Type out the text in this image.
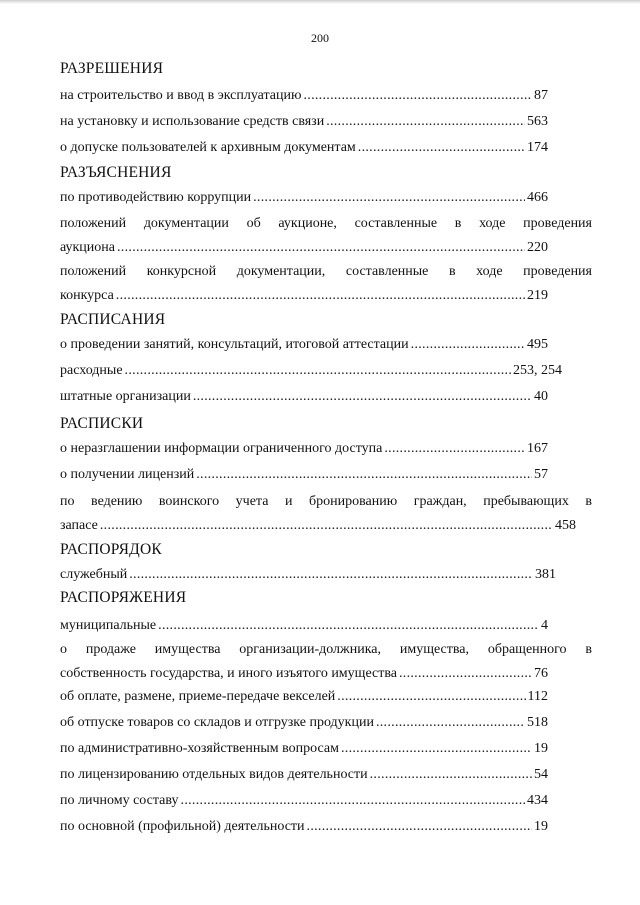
200
РАЗРЕШЕНИЯ
на строительство и ввод в эксплуатацию .....	87
на установку и использование средств связи .....	563
о допуске пользователей к архивным документам .....	174
РАЗЪЯСНЕНИЯ
по противодействию коррупции .....	466
положений документации об аукционе, составленные в ходе проведения
аукциона .....	220
положений конкурсной документации, составленные в ходе проведения
конкурса .....	219
РАСПИСАНИЯ
о проведении занятий, консультаций, итоговой аттестации .....	495
расходные .....	253, 254
штатные организации .....	40
РАСПИСКИ
о неразглашении информации ограниченного доступа .....	167
о получении лицензий .....	57
по ведению воинского учета и бронированию граждан, пребывающих в
запасе .....	458
РАСПОРЯДОК
служебный .....	381
РАСПОРЯЖЕНИЯ
муниципальные .....	4
о продаже имущества организации-должника, имущества, обращенного в
собственность государства, и иного изъятого имущества .....	76
об оплате, размене, приеме-передаче векселей .....	112
об отпуске товаров со складов и отгрузке продукции .....	518
по административно-хозяйственным вопросам .....	19
по лицензированию отдельных видов деятельности .....	54
по личному составу .....	434
по основной (профильной) деятельности .....	19
